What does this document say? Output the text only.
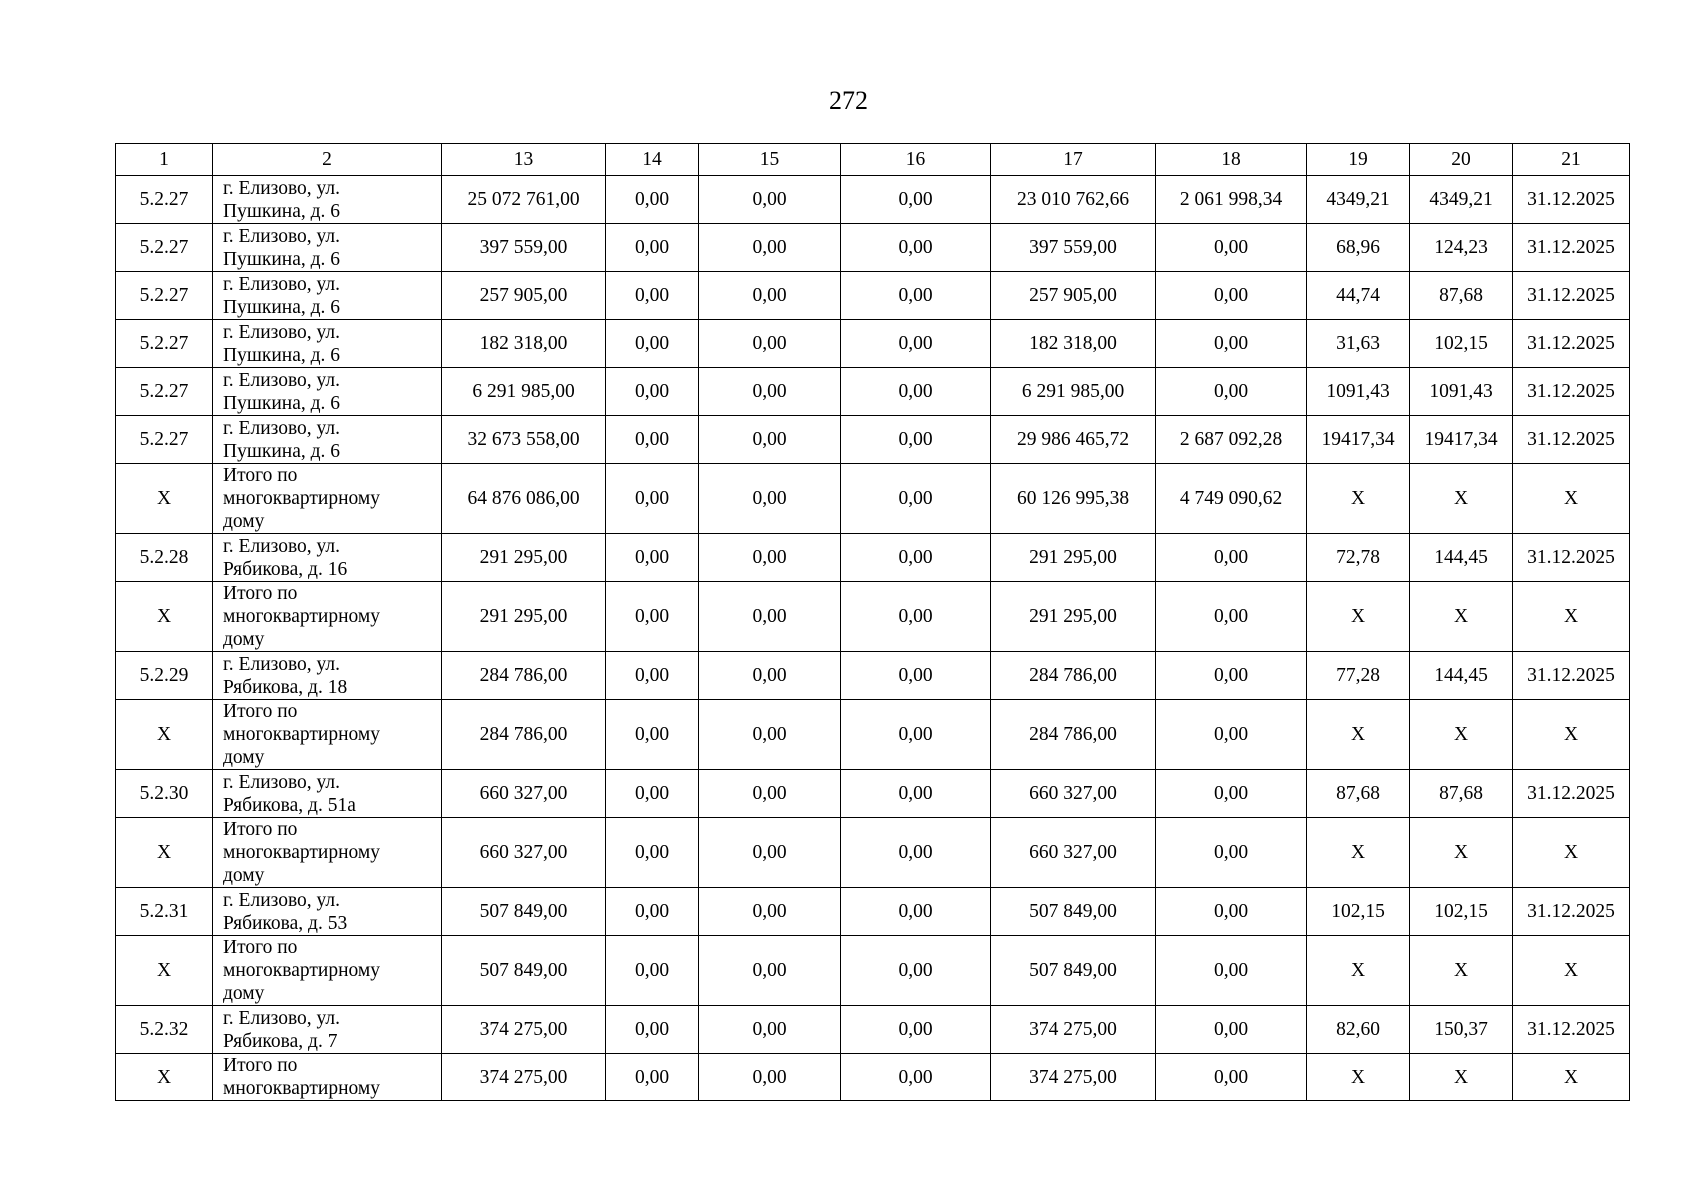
272
1	2	13	14	15	16	17	18	19	20	21
5.2.27	г. Елизово, ул.
Пушкина, д. 6	25 072 761,00	0,00	0,00	0,00	23 010 762,66	2 061 998,34	4349,21	4349,21	31.12.2025
5.2.27	г. Елизово, ул.
Пушкина, д. 6	397 559,00	0,00	0,00	0,00	397 559,00	0,00	68,96	124,23	31.12.2025
5.2.27	г. Елизово, ул.
Пушкина, д. 6	257 905,00	0,00	0,00	0,00	257 905,00	0,00	44,74	87,68	31.12.2025
5.2.27	г. Елизово, ул.
Пушкина, д. 6	182 318,00	0,00	0,00	0,00	182 318,00	0,00	31,63	102,15	31.12.2025
5.2.27	г. Елизово, ул.
Пушкина, д. 6	6 291 985,00	0,00	0,00	0,00	6 291 985,00	0,00	1091,43	1091,43	31.12.2025
5.2.27	г. Елизово, ул.
Пушкина, д. 6	32 673 558,00	0,00	0,00	0,00	29 986 465,72	2 687 092,28	19417,34	19417,34	31.12.2025
X	Итого по
многоквартирному
дому	64 876 086,00	0,00	0,00	0,00	60 126 995,38	4 749 090,62	X	X	X
5.2.28	г. Елизово, ул.
Рябикова, д. 16	291 295,00	0,00	0,00	0,00	291 295,00	0,00	72,78	144,45	31.12.2025
X	Итого по
многоквартирному
дому	291 295,00	0,00	0,00	0,00	291 295,00	0,00	X	X	X
5.2.29	г. Елизово, ул.
Рябикова, д. 18	284 786,00	0,00	0,00	0,00	284 786,00	0,00	77,28	144,45	31.12.2025
X	Итого по
многоквартирному
дому	284 786,00	0,00	0,00	0,00	284 786,00	0,00	X	X	X
5.2.30	г. Елизово, ул.
Рябикова, д. 51а	660 327,00	0,00	0,00	0,00	660 327,00	0,00	87,68	87,68	31.12.2025
X	Итого по
многоквартирному
дому	660 327,00	0,00	0,00	0,00	660 327,00	0,00	X	X	X
5.2.31	г. Елизово, ул.
Рябикова, д. 53	507 849,00	0,00	0,00	0,00	507 849,00	0,00	102,15	102,15	31.12.2025
X	Итого по
многоквартирному
дому	507 849,00	0,00	0,00	0,00	507 849,00	0,00	X	X	X
5.2.32	г. Елизово, ул.
Рябикова, д. 7	374 275,00	0,00	0,00	0,00	374 275,00	0,00	82,60	150,37	31.12.2025
X	Итого по
многоквартирному	374 275,00	0,00	0,00	0,00	374 275,00	0,00	X	X	X
